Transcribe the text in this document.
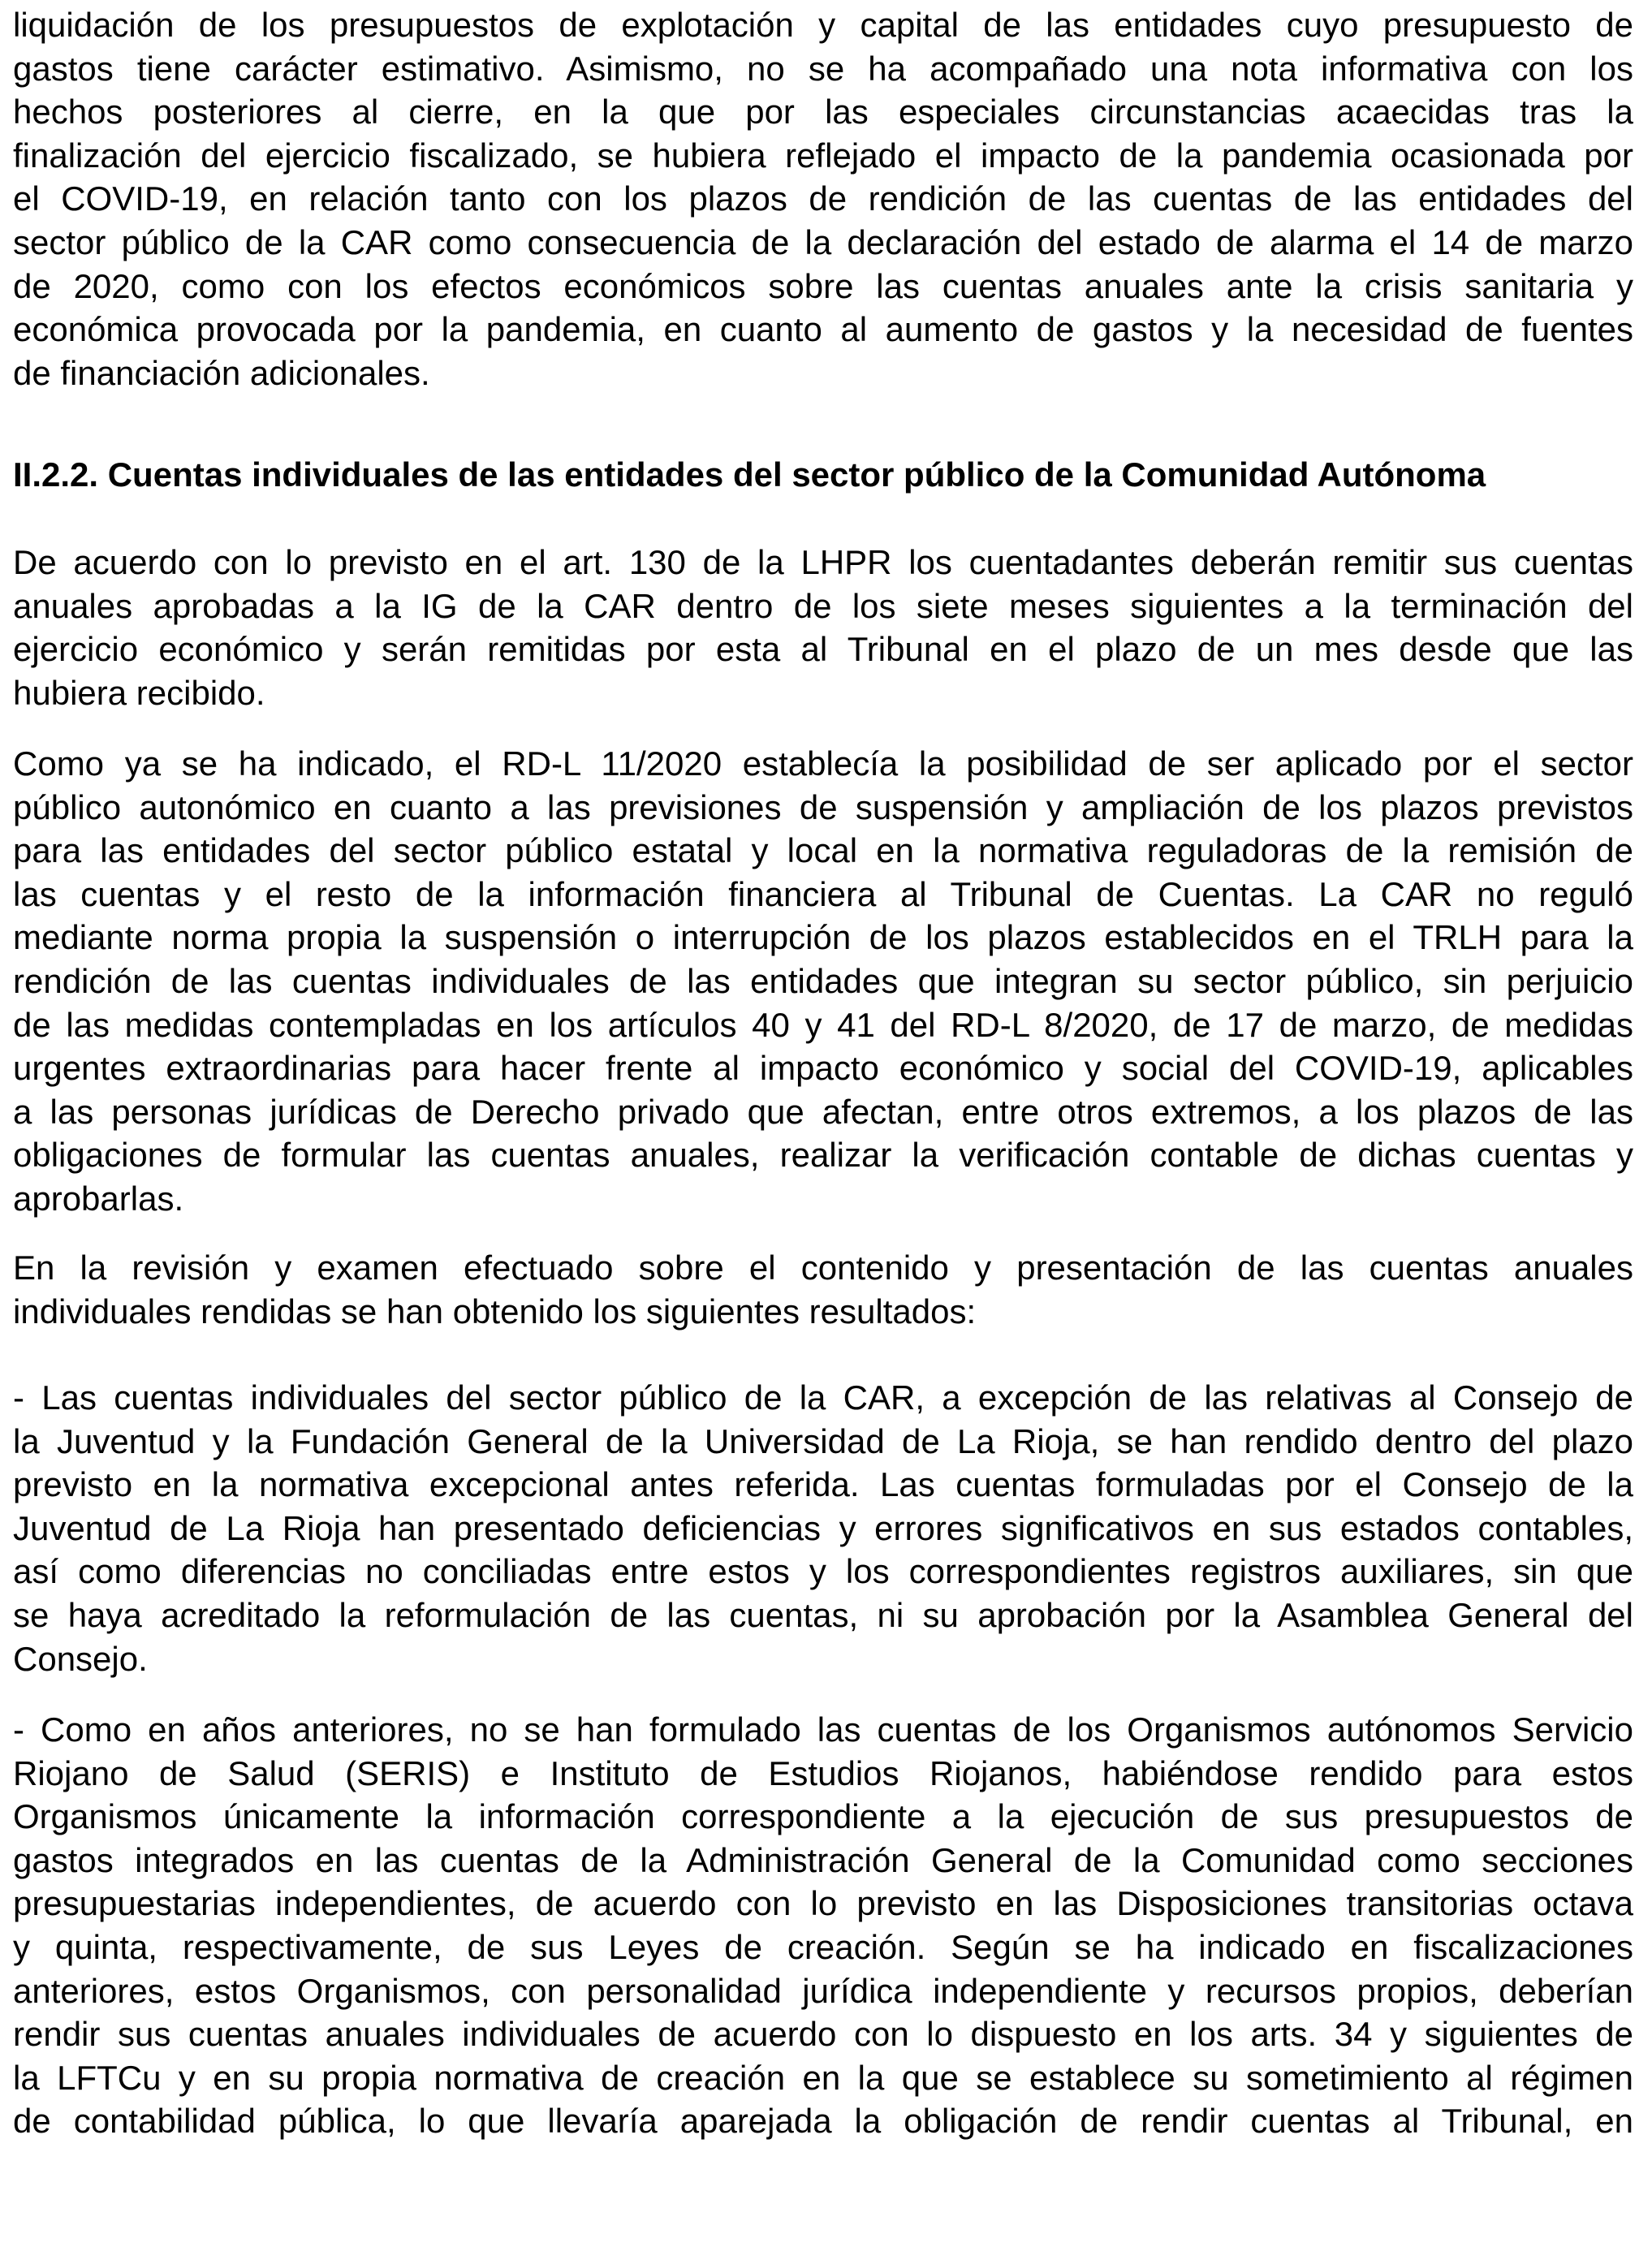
liquidación de los presupuestos de explotación y capital de las entidades cuyo presupuesto de
gastos tiene carácter estimativo. Asimismo, no se ha acompañado una nota informativa con los
hechos posteriores al cierre, en la que por las especiales circunstancias acaecidas tras la
finalización del ejercicio fiscalizado, se hubiera reflejado el impacto de la pandemia ocasionada por
el COVID-19, en relación tanto con los plazos de rendición de las cuentas de las entidades del
sector público de la CAR como consecuencia de la declaración del estado de alarma el 14 de marzo
de 2020, como con los efectos económicos sobre las cuentas anuales ante la crisis sanitaria y
económica provocada por la pandemia, en cuanto al aumento de gastos y la necesidad de fuentes
de financiación adicionales.
II.2.2. Cuentas individuales de las entidades del sector público de la Comunidad Autónoma
De acuerdo con lo previsto en el art. 130 de la LHPR los cuentadantes deberán remitir sus cuentas
anuales aprobadas a la IG de la CAR dentro de los siete meses siguientes a la terminación del
ejercicio económico y serán remitidas por esta al Tribunal en el plazo de un mes desde que las
hubiera recibido.
Como ya se ha indicado, el RD-L 11/2020 establecía la posibilidad de ser aplicado por el sector
público autonómico en cuanto a las previsiones de suspensión y ampliación de los plazos previstos
para las entidades del sector público estatal y local en la normativa reguladoras de la remisión de
las cuentas y el resto de la información financiera al Tribunal de Cuentas. La CAR no reguló
mediante norma propia la suspensión o interrupción de los plazos establecidos en el TRLH para la
rendición de las cuentas individuales de las entidades que integran su sector público, sin perjuicio
de las medidas contempladas en los artículos 40 y 41 del RD-L 8/2020, de 17 de marzo, de medidas
urgentes extraordinarias para hacer frente al impacto económico y social del COVID-19, aplicables
a las personas jurídicas de Derecho privado que afectan, entre otros extremos, a los plazos de las
obligaciones de formular las cuentas anuales, realizar la verificación contable de dichas cuentas y
aprobarlas.
En la revisión y examen efectuado sobre el contenido y presentación de las cuentas anuales
individuales rendidas se han obtenido los siguientes resultados:
- Las cuentas individuales del sector público de la CAR, a excepción de las relativas al Consejo de
la Juventud y la Fundación General de la Universidad de La Rioja, se han rendido dentro del plazo
previsto en la normativa excepcional antes referida. Las cuentas formuladas por el Consejo de la
Juventud de La Rioja han presentado deficiencias y errores significativos en sus estados contables,
así como diferencias no conciliadas entre estos y los correspondientes registros auxiliares, sin que
se haya acreditado la reformulación de las cuentas, ni su aprobación por la Asamblea General del
Consejo.
- Como en años anteriores, no se han formulado las cuentas de los Organismos autónomos Servicio
Riojano de Salud (SERIS) e Instituto de Estudios Riojanos, habiéndose rendido para estos
Organismos únicamente la información correspondiente a la ejecución de sus presupuestos de
gastos integrados en las cuentas de la Administración General de la Comunidad como secciones
presupuestarias independientes, de acuerdo con lo previsto en las Disposiciones transitorias octava
y quinta, respectivamente, de sus Leyes de creación. Según se ha indicado en fiscalizaciones
anteriores, estos Organismos, con personalidad jurídica independiente y recursos propios, deberían
rendir sus cuentas anuales individuales de acuerdo con lo dispuesto en los arts. 34 y siguientes de
la LFTCu y en su propia normativa de creación en la que se establece su sometimiento al régimen
de contabilidad pública, lo que llevaría aparejada la obligación de rendir cuentas al Tribunal, en
